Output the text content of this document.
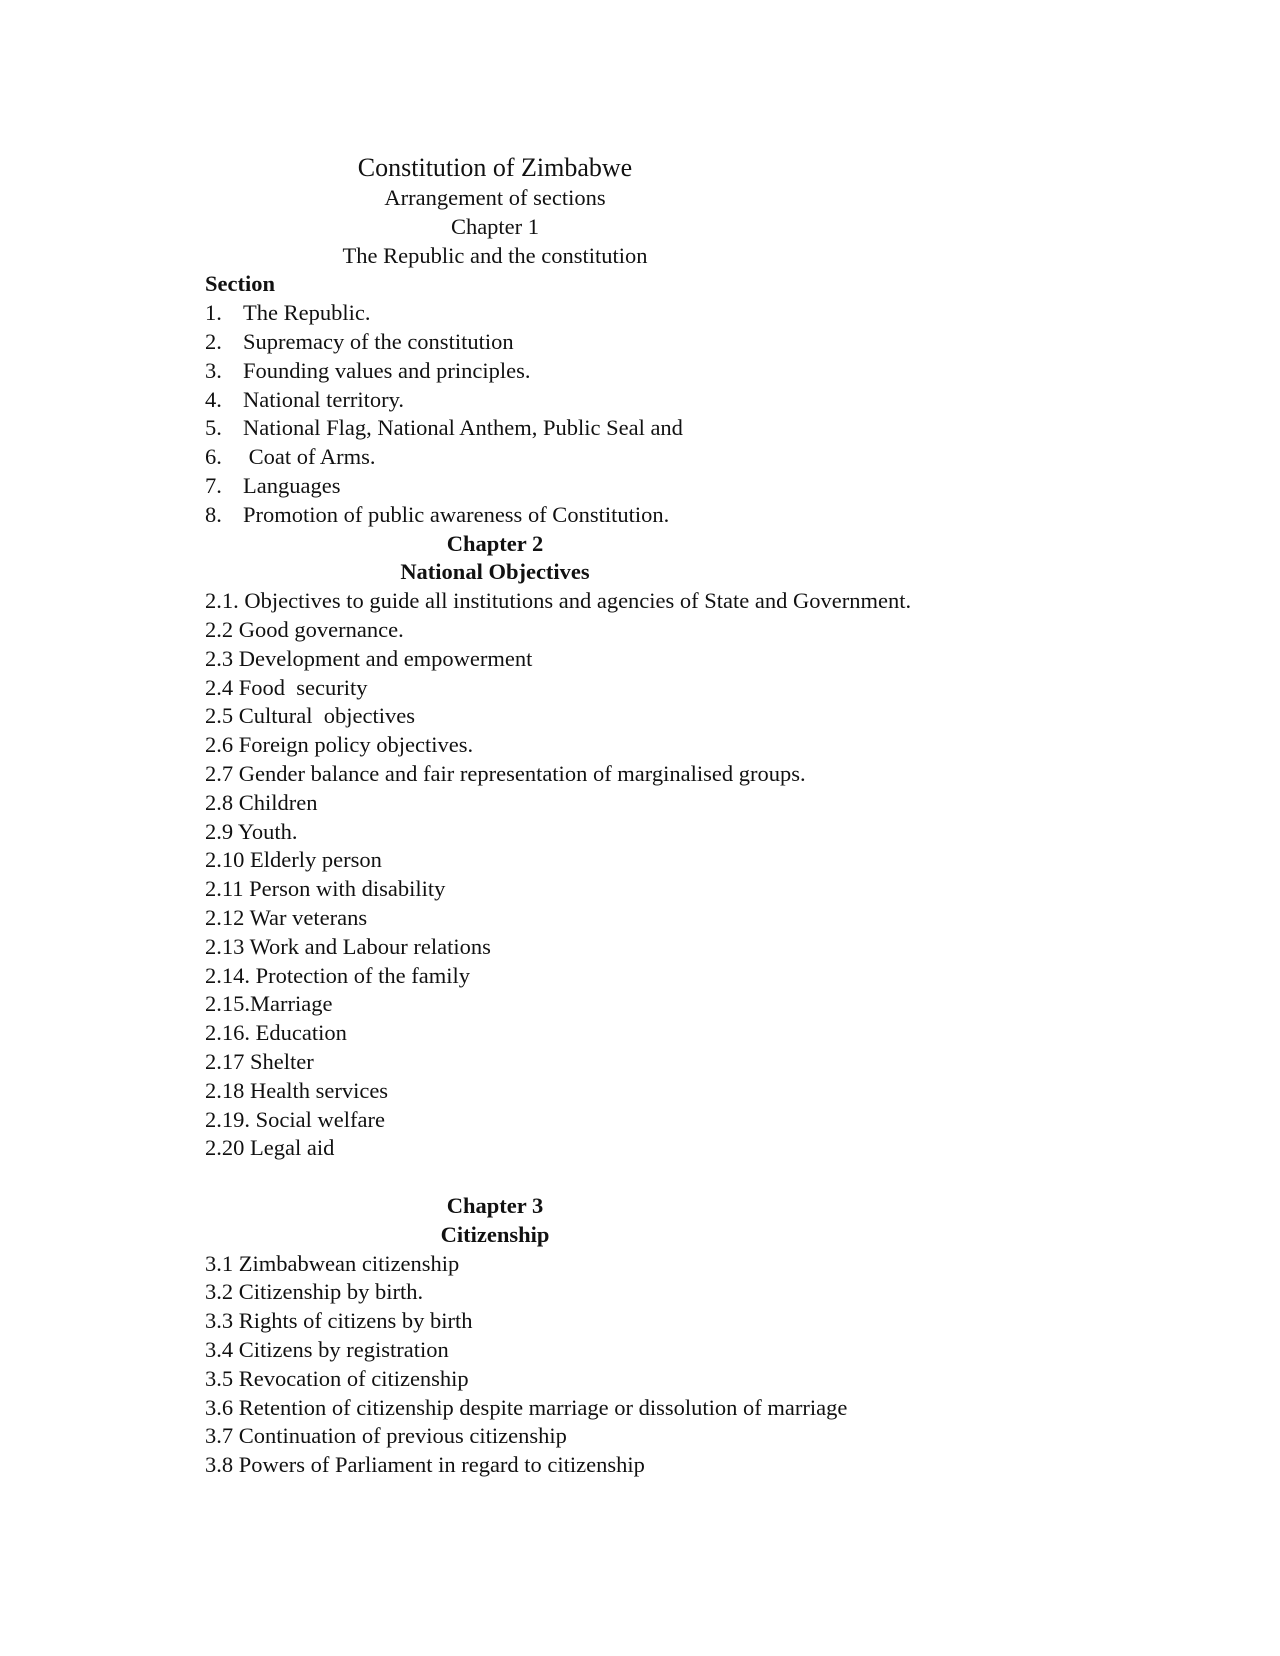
Constitution of Zimbabwe
Arrangement of sections
Chapter 1
The Republic and the constitution
Section
1. The Republic.
2. Supremacy of the constitution
3. Founding values and principles.
4. National territory.
5. National Flag, National Anthem, Public Seal and
6. Coat of Arms.
7. Languages
8. Promotion of public awareness of Constitution.
Chapter 2
National Objectives
2.1. Objectives to guide all institutions and agencies of State and Government.
2.2 Good governance.
2.3 Development and empowerment
2.4 Food  security
2.5 Cultural  objectives
2.6 Foreign policy objectives.
2.7 Gender balance and fair representation of marginalised groups.
2.8 Children
2.9 Youth.
2.10 Elderly person
2.11 Person with disability
2.12 War veterans
2.13 Work and Labour relations
2.14. Protection of the family
2.15.Marriage
2.16. Education
2.17 Shelter
2.18 Health services
2.19. Social welfare
2.20 Legal aid
Chapter 3
Citizenship
3.1 Zimbabwean citizenship
3.2 Citizenship by birth.
3.3 Rights of citizens by birth
3.4 Citizens by registration
3.5 Revocation of citizenship
3.6 Retention of citizenship despite marriage or dissolution of marriage
3.7 Continuation of previous citizenship
3.8 Powers of Parliament in regard to citizenship
